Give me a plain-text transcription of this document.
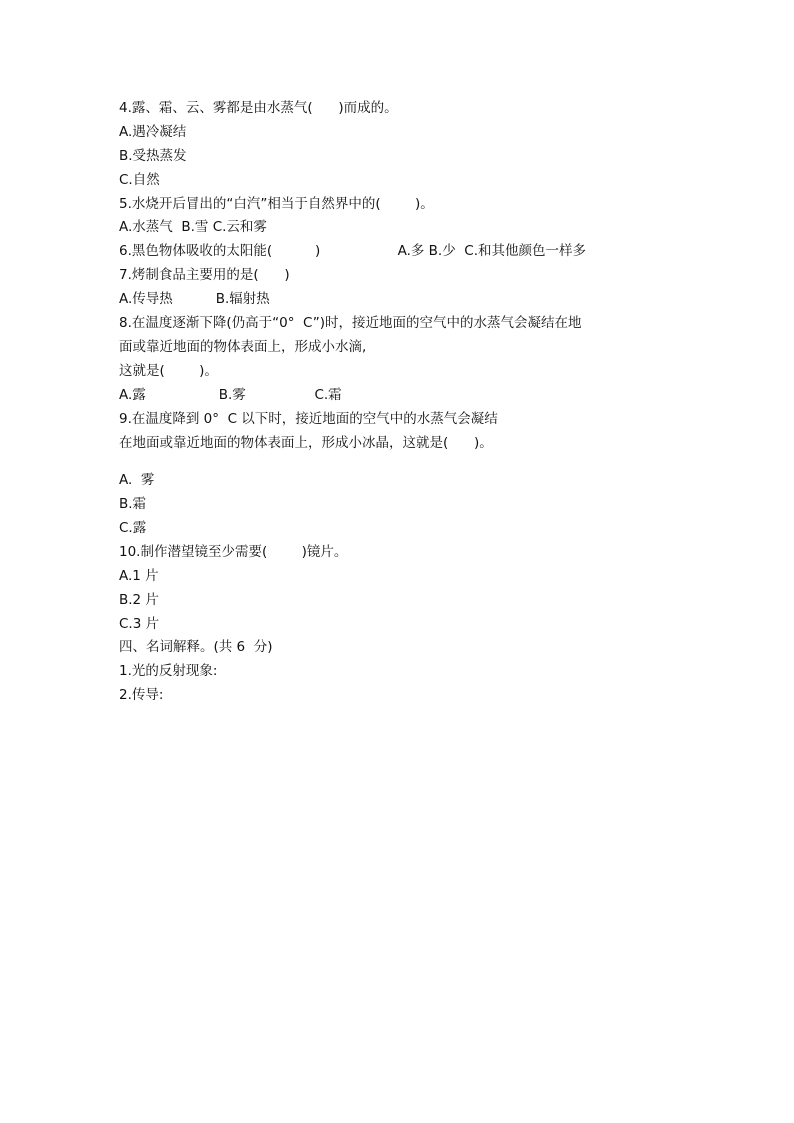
4.露、霜、云、雾都是由水蒸气(      )而成的。

A.遇冷凝结

B.受热蒸发

C.自然

5.水烧开后冒出的“白汽”相当于自然界中的(        )。

A.水蒸气  B.雪 C.云和雾

6.黑色物体吸收的太阳能(          )                  A.多 B.少  C.和其他颜色一样多

7.烤制食品主要用的是(      )

A.传导热          B.辐射热

8.在温度逐渐下降(仍高于“0°  C”)时，接近地面的空气中的水蒸气会凝结在地

面或靠近地面的物体表面上，形成小水滴,

这就是(        )。

A.露                 B.雾                C.霜

9.在温度降到 0°  C 以下时，接近地面的空气中的水蒸气会凝结

在地面或靠近地面的物体表面上，形成小冰晶，这就是(      )。

A.  雾

B.霜

C.露

10.制作潜望镜至少需要(        )镜片。

A.1 片

B.2 片

C.3 片

四、名词解释。(共 6  分)

1.光的反射现象:

2.传导:
